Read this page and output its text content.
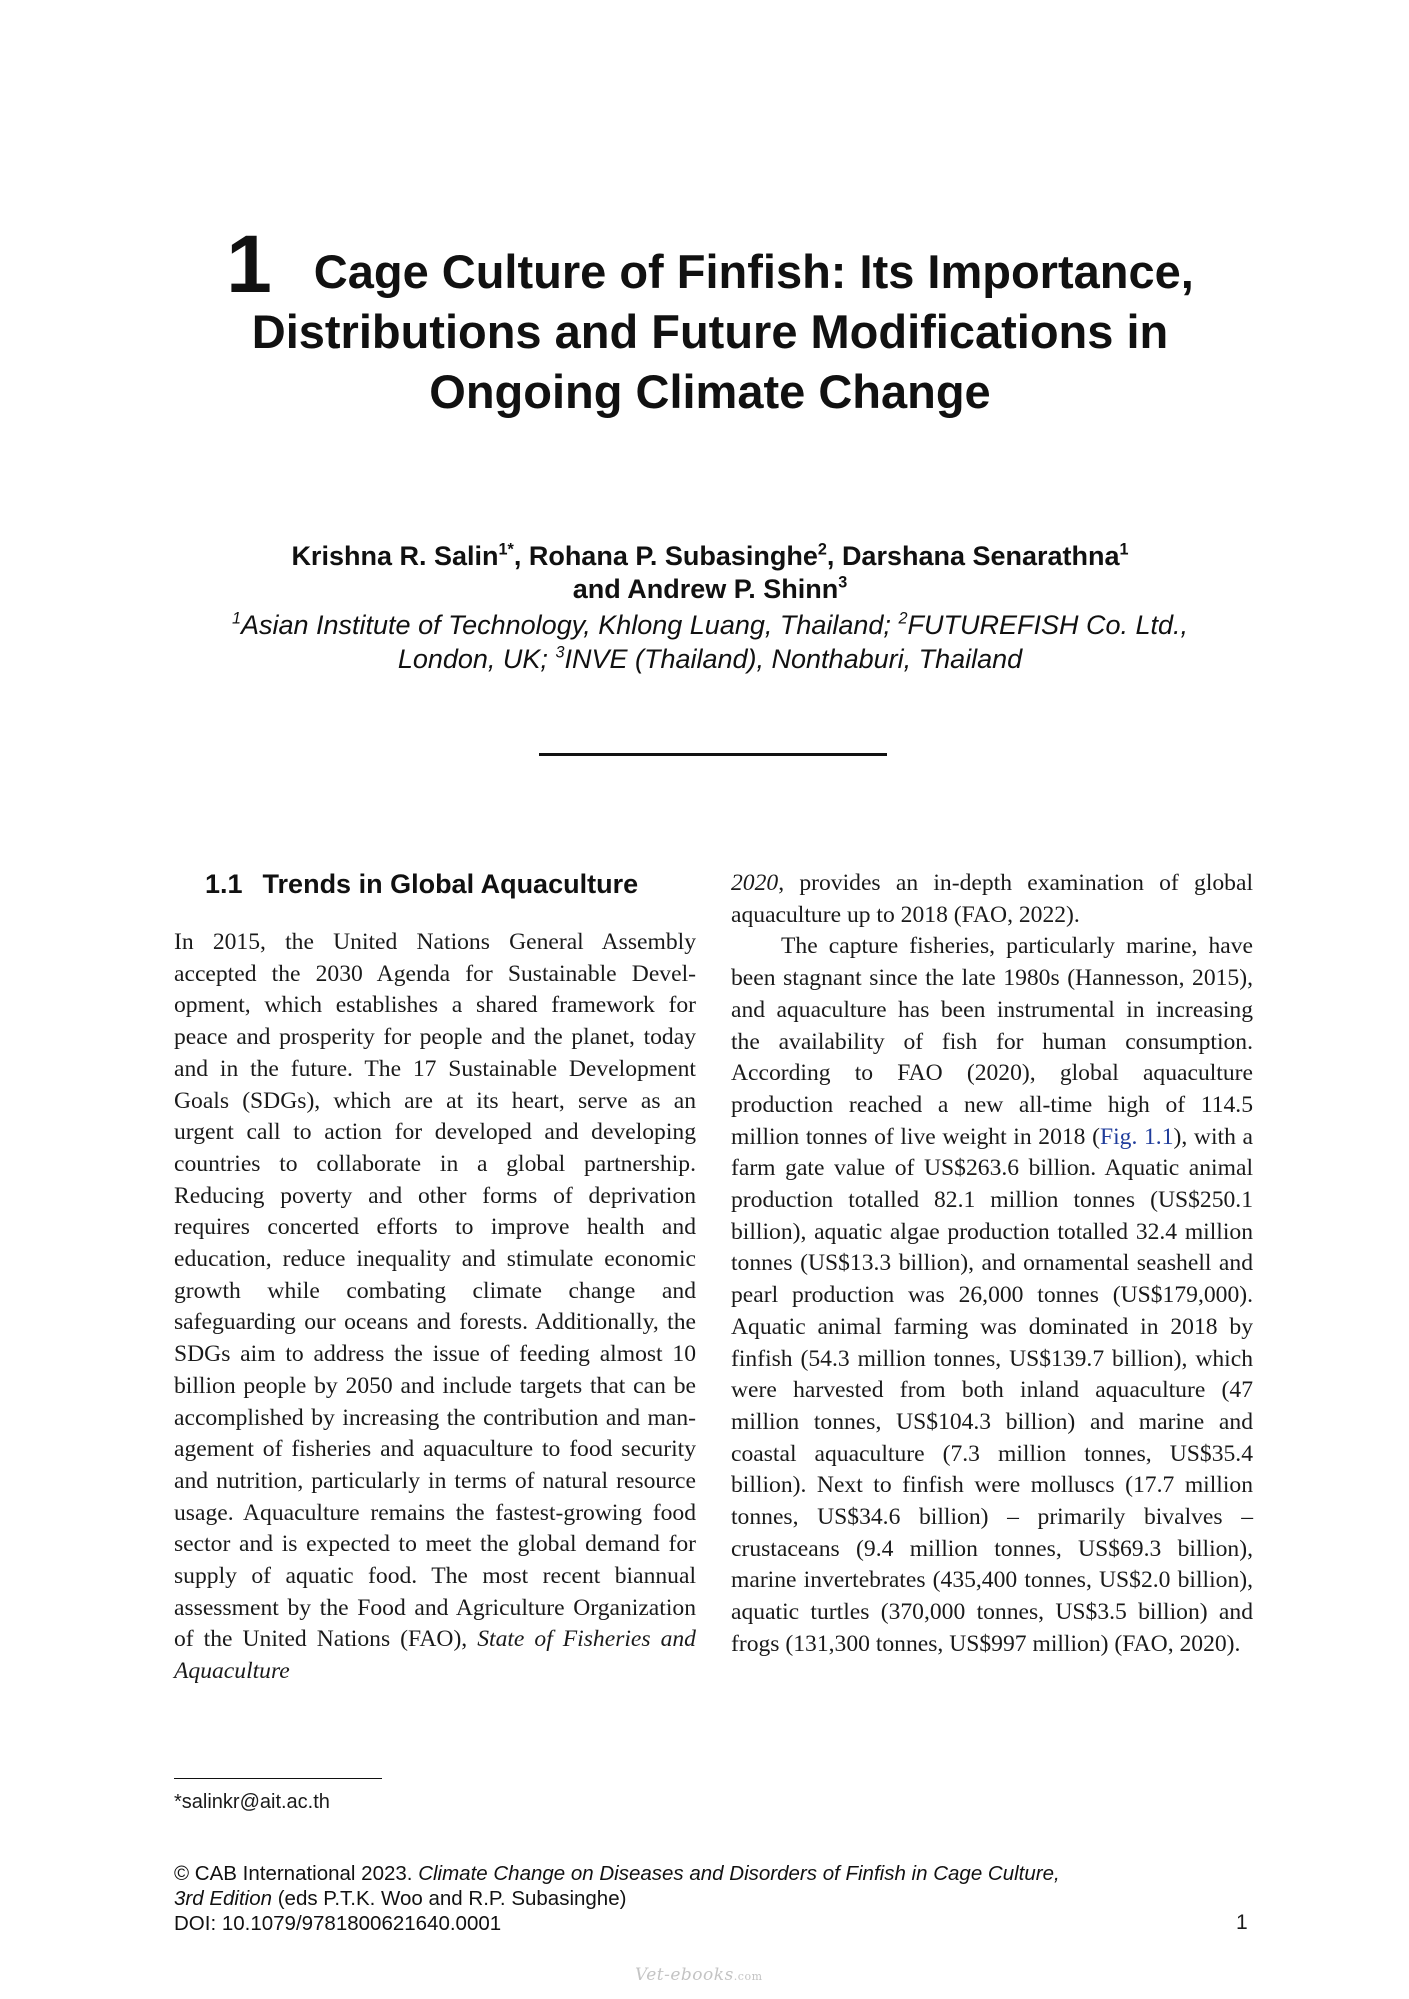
1 Cage Culture of Finfish: Its Importance,
Distributions and Future Modifications in
Ongoing Climate Change
Krishna R. Salin$^{1*}$, Rohana P. Subasinghe$^2$, Darshana Senarathna$^1$
and Andrew P. Shinn$^3$
$^1$Asian Institute of Technology, Khlong Luang, Thailand; $^2$FUTUREFISH Co. Ltd.,
London, UK; $^3$INVE (Thailand), Nonthaburi, Thailand
1.1 Trends in Global Aquaculture

In 2015, the United Nations General Assembly accepted the 2030 Agenda for Sustainable Development, which establishes a shared framework for peace and prosperity for people and the planet, today and in the future. The 17 Sustainable Development Goals (SDGs), which are at its heart, serve as an urgent call to action for developed and developing countries to collaborate in a global partnership. Reducing poverty and other forms of deprivation requires concerted efforts to improve health and education, reduce inequality and stimulate economic growth while combating climate change and safeguarding our oceans and forests. Additionally, the SDGs aim to address the issue of feeding almost 10 billion people by 2050 and include targets that can be accomplished by increasing the contribution and management of fisheries and aquaculture to food security and nutrition, particularly in terms of natural resource usage. Aquaculture remains the fastest-growing food sector and is expected to meet the global demand for supply of aquatic food. The most recent biannual assessment by the Food and Agriculture Organization of the United Nations (FAO), State of Fisheries and Aquaculture

2020, provides an in-depth examination of global aquaculture up to 2018 (FAO, 2022).

The capture fisheries, particularly marine, have been stagnant since the late 1980s (Hannesson, 2015), and aquaculture has been instrumental in increasing the availability of fish for human consumption. According to FAO (2020), global aquaculture production reached a new all-time high of 114.5 million tonnes of live weight in 2018 (Fig. 1.1), with a farm gate value of US$263.6 billion. Aquatic animal production totalled 82.1 million tonnes (US$250.1 billion), aquatic algae production totalled 32.4 million tonnes (US$13.3 billion), and ornamental seashell and pearl production was 26,000 tonnes (US$179,000). Aquatic animal farming was dominated in 2018 by finfish (54.3 million tonnes, US$139.7 billion), which were harvested from both inland aquaculture (47 million tonnes, US$104.3 billion) and marine and coastal aquaculture (7.3 million tonnes, US$35.4 billion). Next to finfish were molluscs (17.7 million tonnes, US$34.6 billion) – primarily bivalves – crustaceans (9.4 million tonnes, US$69.3 billion), marine invertebrates (435,400 tonnes, US$2.0 billion), aquatic turtles (370,000 tonnes, US$3.5 billion) and frogs (131,300 tonnes, US$997 million) (FAO, 2020).

*salinkr@ait.ac.th
© CAB International 2023. Climate Change on Diseases and Disorders of Finfish in Cage Culture,
3rd Edition (eds P.T.K. Woo and R.P. Subasinghe)
DOI: 10.1079/9781800621640.0001	1
Vet-ebooks.com
